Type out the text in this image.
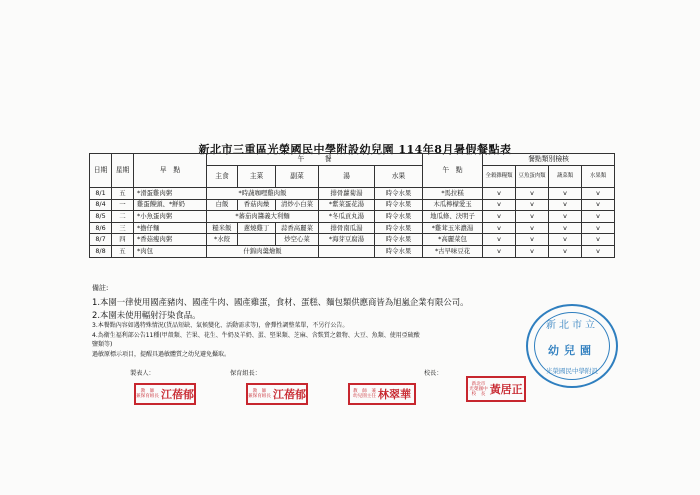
新北市三重區光榮國民中學附設幼兒園 114年8月暑假餐點表
日期	星期	早　點	午　　　餐					午　點	餐點類別檢核			
			主食	主菜	副菜	湯	水果					
									全穀雜糧類	豆魚蛋肉類	蔬菜類	水果類
8/1	五	*滑蛋雞肉粥	*時蔬咖哩雞肉飯			排骨蘿蔔湯	時令水果	*馬拉糕	v	v	v	v
8/4	一	雞蛋饅頭、*鮮奶	白飯	香菇肉燥	清炒小白菜	*紫菜蛋花湯	時令水果	木瓜檸檬愛玉	v	v	v	v
8/5	二	*小魚蛋肉粥	*蕃茄肉醬義大利麵			*冬瓜貢丸湯	時令水果	地瓜條、決明子	v	v	v	v
8/6	三	*擔仔麵	糙米飯	蔥燒雞丁	蒜香高麗菜	排骨南瓜湯	時令水果	*雞茸玉米濃湯	v	v	v	v
8/7	四	*香菇瘦肉粥	*水餃		炒空心菜	*海芽豆腐湯	時令水果	*高麗菜包	v	v	v	v
8/8	五	*肉包	什錦肉羹燴飯				時令水果	*古早味豆花	v	v	v	v
備註:
1.本園一律使用國產豬肉、國產牛肉、國產雞蛋，食材、蛋糕、麵包類供應商皆為旭嵐企業有限公司。
2.本園未使用輻射汙染食品。
3.本餐點內容如遇特殊情況(貨品短缺、氣候變化、活動需求等)，會彈性調整菜單，不另行公告。
4.為衛生福利部公告11種(甲殼類、芒果、花生、牛奶及羊奶、蛋、堅果類、芝麻、含麩質之穀物、大豆、魚類、使用亞硫酸
鹽類等)
過敏原標示項目，提醒具過敏體質之幼兒避免攝取。
製表人：	保育組長：	校長：
教　師
兼保育組長 江蓓郁	教　師
兼保育組長 江蓓郁	教　師　兼
幼兒園主任 林翠華
新北市
光榮國中
校　長 黃居正
新北市立
幼兒園
光榮國民中學附設
